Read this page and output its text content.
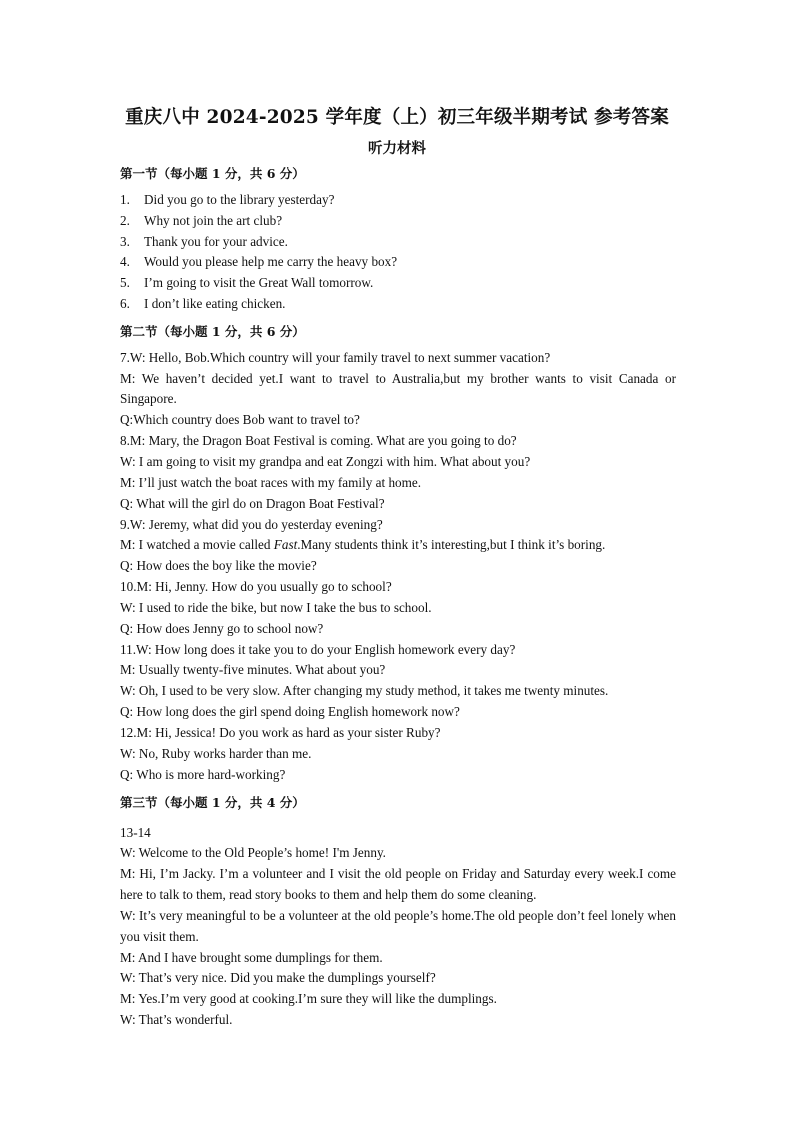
重庆八中 2024-2025 学年度（上）初三年级半期考试 参考答案
听力材料
第一节（每小题 1 分，共 6 分）
1.	Did you go to the library yesterday?
2.	Why not join the art club?
3.	Thank you for your advice.
4.	Would you please help me carry the heavy box?
5.	I’m going to visit the Great Wall tomorrow.
6.	I don’t like eating chicken.
第二节（每小题 1 分，共 6 分）

7.W: Hello, Bob.Which country will your family travel to next summer vacation?

M: We haven’t decided yet.I want to travel to Australia,but my brother wants to visit Canada or Singapore.

Q:Which country does Bob want to travel to?

8.M: Mary, the Dragon Boat Festival is coming. What are you going to do?

W: I am going to visit my grandpa and eat Zongzi with him. What about you?

M: I’ll just watch the boat races with my family at home.

Q: What will the girl do on Dragon Boat Festival?

9.W: Jeremy, what did you do yesterday evening?

M: I watched a movie called Fast.Many students think it’s interesting,but I think it’s boring.

Q: How does the boy like the movie?

10.M: Hi, Jenny. How do you usually go to school?

W: I used to ride the bike, but now I take the bus to school.

Q: How does Jenny go to school now?

11.W: How long does it take you to do your English homework every day?

M: Usually twenty-five minutes. What about you?

W: Oh, I used to be very slow. After changing my study method, it takes me twenty minutes.

Q: How long does the girl spend doing English homework now?

12.M: Hi, Jessica! Do you work as hard as your sister Ruby?

W: No, Ruby works harder than me.

Q: Who is more hard-working?

第三节（每小题 1 分，共 4 分）

13-14

W: Welcome to the Old People’s home! I'm Jenny.

M: Hi, I’m Jacky. I’m a volunteer and I visit the old people on Friday and Saturday every week.I come here to talk to them, read story books to them and help them do some cleaning.

W: It’s very meaningful to be a volunteer at the old people’s home.The old people don’t feel lonely when you visit them.

M: And I have brought some dumplings for them.

W: That’s very nice. Did you make the dumplings yourself?

M: Yes.I’m very good at cooking.I’m sure they will like the dumplings.

W: That’s wonderful.
